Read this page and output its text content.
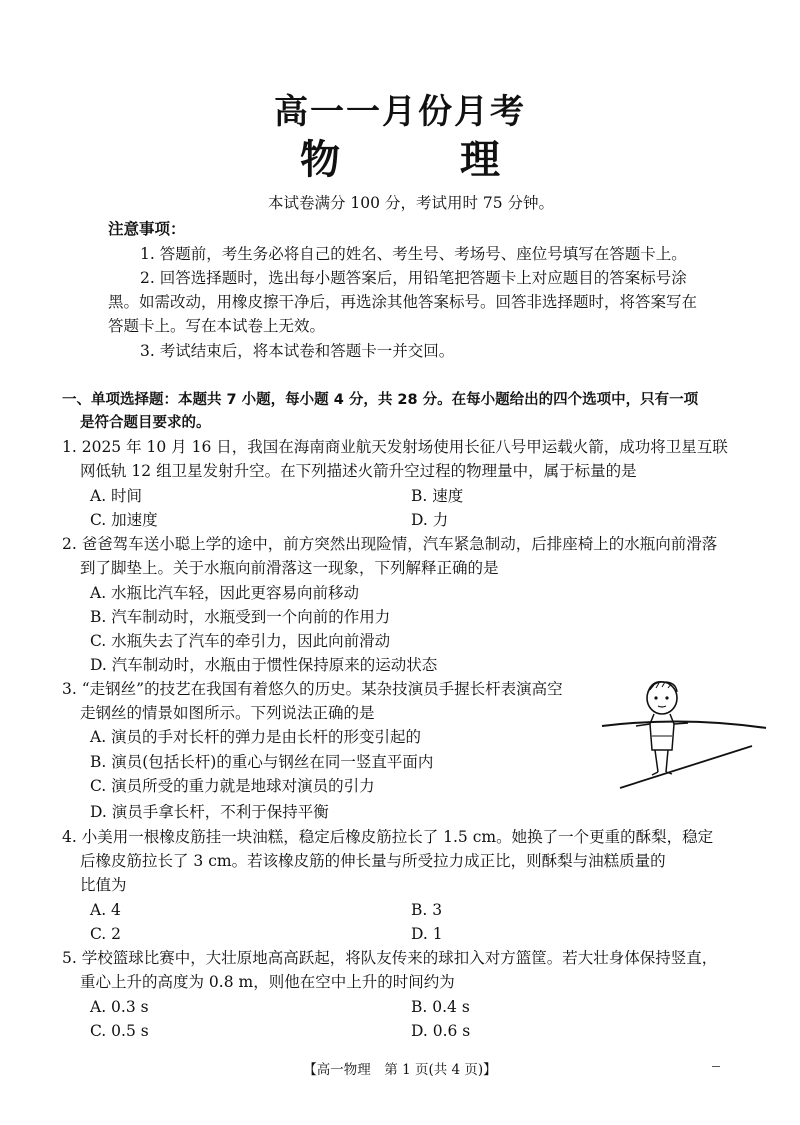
高一一月份月考
物　理
本试卷满分 100 分，考试用时 75 分钟。
注意事项：
1. 答题前，考生务必将自己的姓名、考生号、考场号、座位号填写在答题卡上。
2. 回答选择题时，选出每小题答案后，用铅笔把答题卡上对应题目的答案标号涂
黑。如需改动，用橡皮擦干净后，再选涂其他答案标号。回答非选择题时，将答案写在
答题卡上。写在本试卷上无效。
3. 考试结束后，将本试卷和答题卡一并交回。
一、单项选择题：本题共 7 小题，每小题 4 分，共 28 分。在每小题给出的四个选项中，只有一项
是符合题目要求的。
1. 2025 年 10 月 16 日，我国在海南商业航天发射场使用长征八号甲运载火箭，成功将卫星互联
网低轨 12 组卫星发射升空。在下列描述火箭升空过程的物理量中，属于标量的是
A. 时间	B. 速度
C. 加速度	D. 力
2. 爸爸驾车送小聪上学的途中，前方突然出现险情，汽车紧急制动，后排座椅上的水瓶向前滑落
到了脚垫上。关于水瓶向前滑落这一现象，下列解释正确的是
A. 水瓶比汽车轻，因此更容易向前移动
B. 汽车制动时，水瓶受到一个向前的作用力
C. 水瓶失去了汽车的牵引力，因此向前滑动
D. 汽车制动时，水瓶由于惯性保持原来的运动状态
3. “走钢丝”的技艺在我国有着悠久的历史。某杂技演员手握长杆表演高空
走钢丝的情景如图所示。下列说法正确的是
A. 演员的手对长杆的弹力是由长杆的形变引起的
B. 演员(包括长杆)的重心与钢丝在同一竖直平面内
C. 演员所受的重力就是地球对演员的引力
D. 演员手拿长杆，不利于保持平衡
4. 小美用一根橡皮筋挂一块油糕，稳定后橡皮筋拉长了 1.5 cm。她换了一个更重的酥梨，稳定
后橡皮筋拉长了 3 cm。若该橡皮筋的伸长量与所受拉力成正比，则酥梨与油糕质量的
比值为
A. 4	B. 3
C. 2	D. 1
5. 学校篮球比赛中，大壮原地高高跃起，将队友传来的球扣入对方篮筐。若大壮身体保持竖直，
重心上升的高度为 0.8 m，则他在空中上升的时间约为
A. 0.3 s	B. 0.4 s
C. 0.5 s	D. 0.6 s
【高一物理　第 1 页(共 4 页)】
